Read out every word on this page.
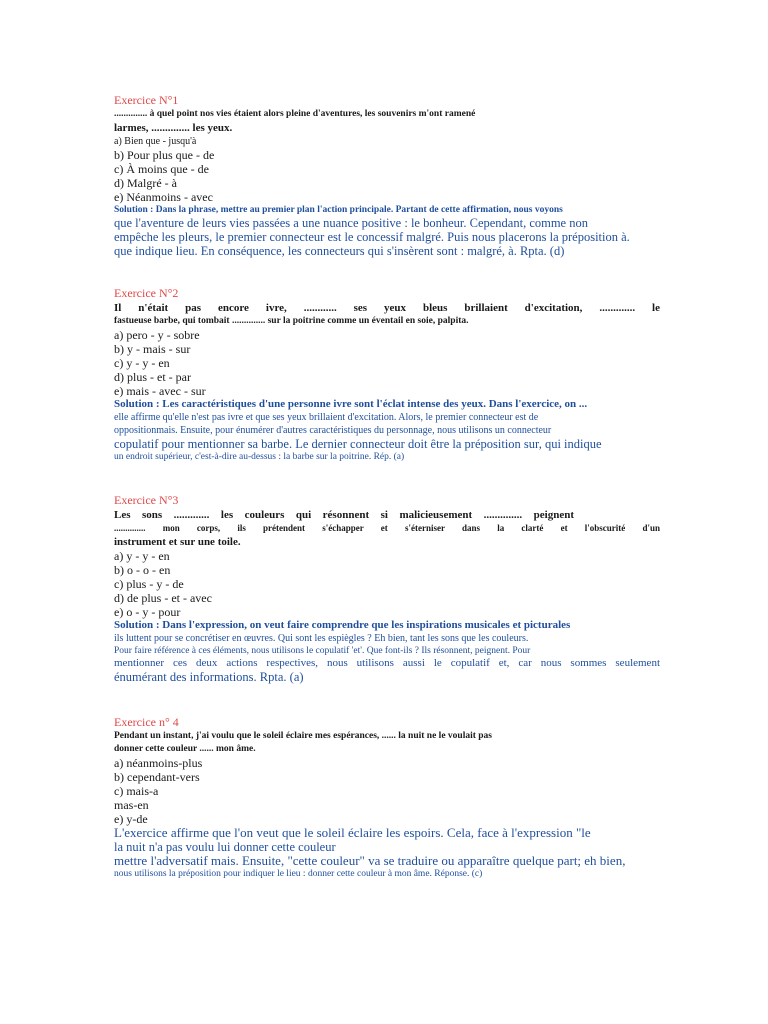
Exercice N°1

.............. à quel point nos vies étaient alors pleine d'aventures, les souvenirs m'ont ramené

larmes, .............. les yeux.

a) Bien que - jusqu'à

b) Pour plus que - de

c) À moins que - de

d) Malgré - à

e) Néanmoins - avec

Solution : Dans la phrase, mettre au premier plan l'action principale. Partant de cette affirmation, nous voyons

que l'aventure de leurs vies passées a une nuance positive : le bonheur. Cependant, comme non

empêche les pleurs, le premier connecteur est le concessif malgré. Puis nous placerons la préposition à.

que indique lieu. En conséquence, les connecteurs qui s'insèrent sont : malgré, à. Rpta. (d)

Exercice N°2

Il n'était pas encore ivre, ............ ses yeux bleus brillaient d'excitation, ............. le

fastueuse barbe, qui tombait .............. sur la poitrine comme un éventail en soie, palpita.

a) pero - y - sobre

b) y - mais - sur

c) y - y - en

d) plus - et - par

e) mais - avec - sur

Solution : Les caractéristiques d'une personne ivre sont l'éclat intense des yeux. Dans l'exercice, on ...

elle affirme qu'elle n'est pas ivre et que ses yeux brillaient d'excitation. Alors, le premier connecteur est de

oppositionmais. Ensuite, pour énumérer d'autres caractéristiques du personnage, nous utilisons un connecteur

copulatif pour mentionner sa barbe. Le dernier connecteur doit être la préposition sur, qui indique

un endroit supérieur, c'est-à-dire au-dessus : la barbe sur la poitrine. Rép. (a)

Exercice N°3

Les sons ............. les couleurs qui résonnent si malicieusement .............. peignent

.............. mon corps, ils prétendent s'échapper et s'éterniser dans la clarté et l'obscurité d'un

instrument et sur une toile.

a) y - y - en

b) o - o - en

c) plus - y - de

d) de plus - et - avec

e) o - y - pour

Solution : Dans l'expression, on veut faire comprendre que les inspirations musicales et picturales

ils luttent pour se concrétiser en œuvres. Qui sont les espiègles ? Eh bien, tant les sons que les couleurs.

Pour faire référence à ces éléments, nous utilisons le copulatif 'et'. Que font-ils ? Ils résonnent, peignent. Pour

mentionner ces deux actions respectives, nous utilisons aussi le copulatif et, car nous sommes seulement

énumérant des informations. Rpta. (a)

Exercice n° 4

Pendant un instant, j'ai voulu que le soleil éclaire mes espérances, ...... la nuit ne le voulait pas

donner cette couleur ...... mon âme.

a) néanmoins-plus

b) cependant-vers

c) mais-a

mas-en

e) y-de

L'exercice affirme que l'on veut que le soleil éclaire les espoirs. Cela, face à l'expression "le

la nuit n'a pas voulu lui donner cette couleur

mettre l'adversatif mais. Ensuite, "cette couleur" va se traduire ou apparaître quelque part; eh bien,

nous utilisons la préposition pour indiquer le lieu : donner cette couleur à mon âme. Réponse. (c)
